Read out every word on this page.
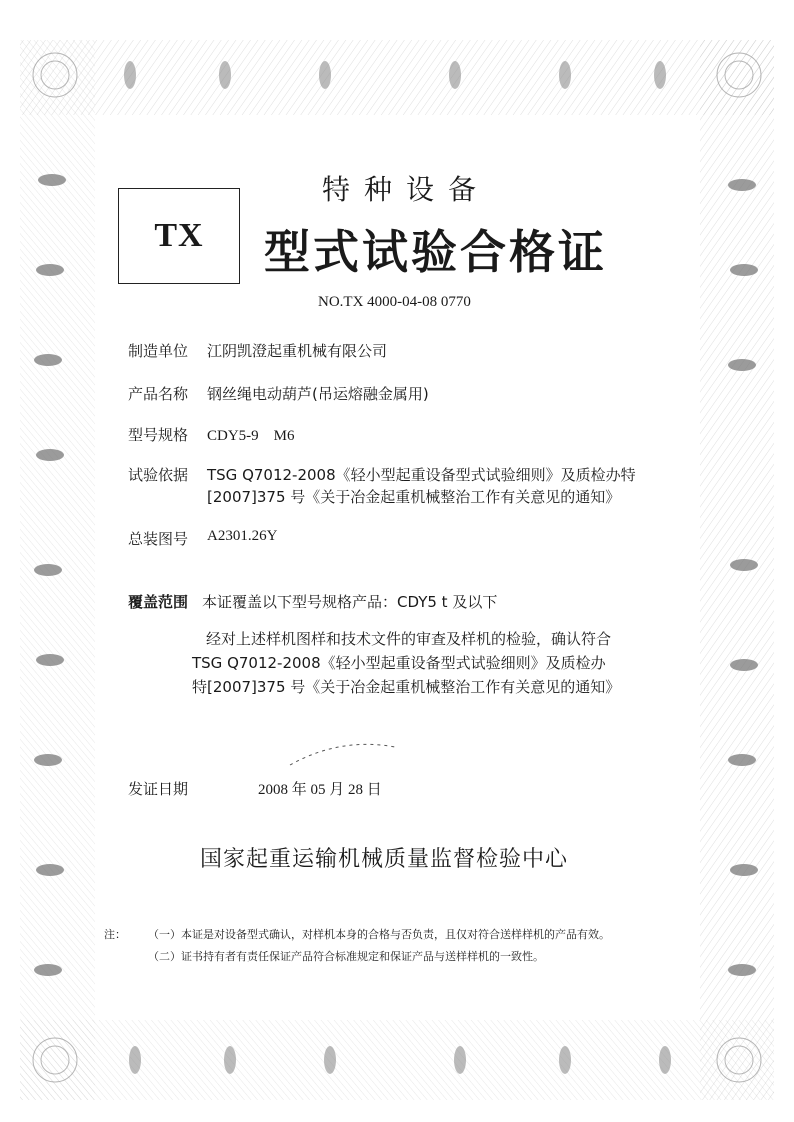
TX
特种设备
型式试验合格证
NO.TX 4000-04-08 0770
制造单位 江阴凯澄起重机械有限公司
产品名称 钢丝绳电动葫芦(吊运熔融金属用)
型号规格 CDY5-9　M6
试验依据 TSG Q7012-2008《轻小型起重设备型式试验细则》及质检办特
[2007]375 号《关于冶金起重机械整治工作有关意见的通知》
总装图号 A2301.26Y
覆盖范围 本证覆盖以下型号规格产品：CDY5 t 及以下
经对上述样机图样和技术文件的审查及样机的检验，确认符合
TSG Q7012-2008《轻小型起重设备型式试验细则》及质检办
特[2007]375 号《关于冶金起重机械整治工作有关意见的通知》
发证日期	2008 年 05 月 28 日
国家起重运输机械质量监督检验中心
注： （一）本证是对设备型式确认，对样机本身的合格与否负责，且仅对符合送样样机的产品有效。
（二）证书持有者有责任保证产品符合标准规定和保证产品与送样样机的一致性。
